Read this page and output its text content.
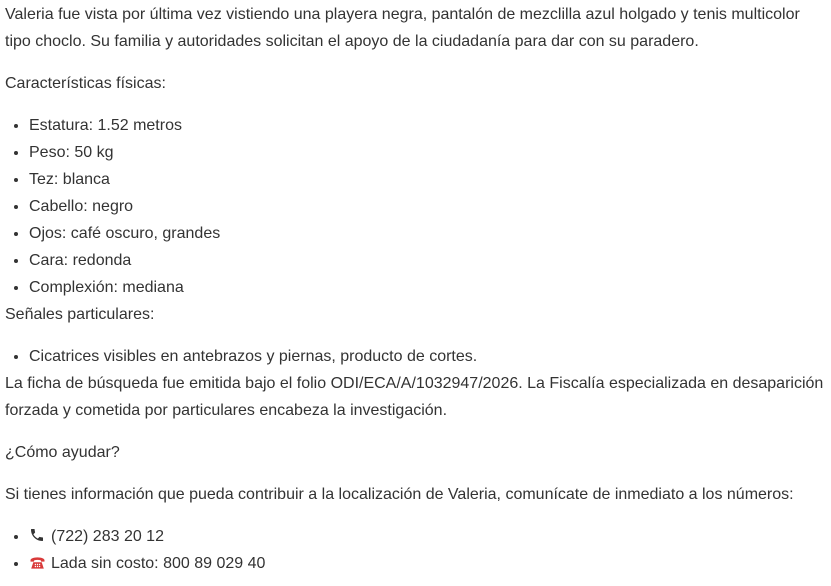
Valeria fue vista por última vez vistiendo una playera negra, pantalón de mezclilla azul holgado y tenis multicolor tipo choclo. Su familia y autoridades solicitan el apoyo de la ciudadanía para dar con su paradero.

Características físicas:

• Estatura: 1.52 metros
• Peso: 50 kg
• Tez: blanca
• Cabello: negro
• Ojos: café oscuro, grandes
• Cara: redonda
• Complexión: mediana

Señales particulares:

• Cicatrices visibles en antebrazos y piernas, producto de cortes.

La ficha de búsqueda fue emitida bajo el folio ODI/ECA/A/1032947/2026. La Fiscalía especializada en desaparición forzada y cometida por particulares encabeza la investigación.

¿Cómo ayudar?

Si tienes información que pueda contribuir a la localización de Valeria, comunícate de inmediato a los números:

• (722) 283 20 12
• Lada sin costo: 800 89 029 40
